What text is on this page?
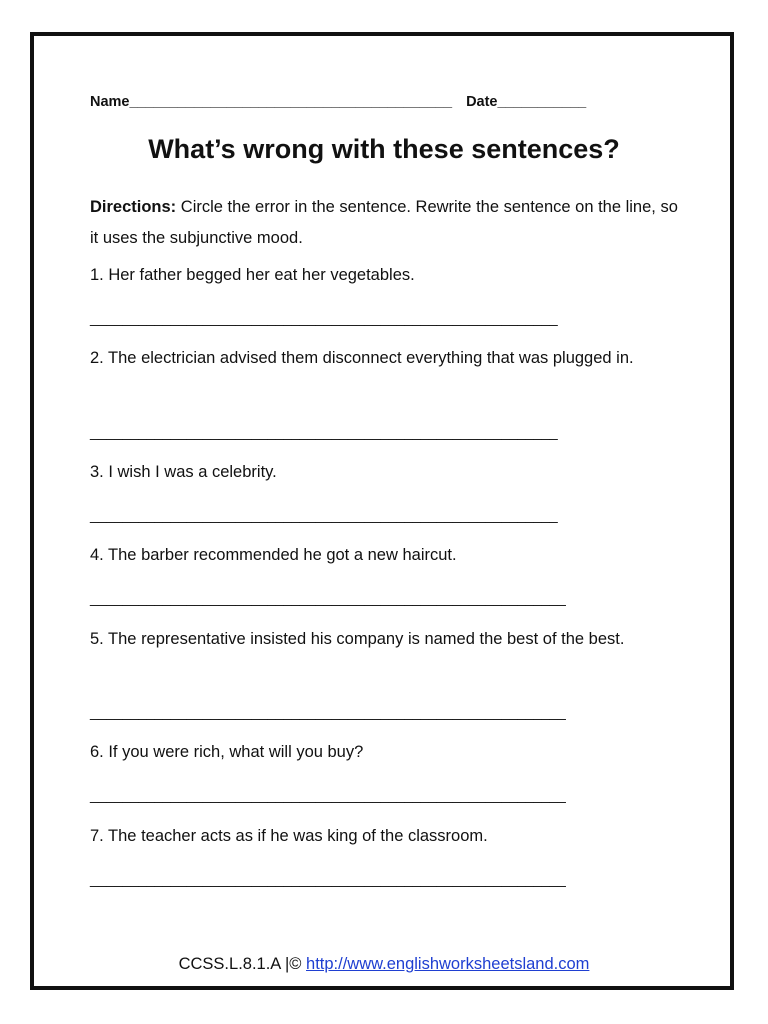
Name________________________________________ Date___________
What’s wrong with these sentences?
Directions: Circle the error in the sentence. Rewrite the sentence on the line, so it uses the subjunctive mood.
1. Her father begged her eat her vegetables.
__________________________________________________________
2. The electrician advised them disconnect everything that was plugged in.
__________________________________________________________
3. I wish I was a celebrity.
__________________________________________________________
4. The barber recommended he got a new haircut.
___________________________________________________________
5. The representative insisted his company is named the best of the best.
___________________________________________________________
6. If you were rich, what will you buy?
___________________________________________________________
7. The teacher acts as if he was king of the classroom.
___________________________________________________________
CCSS.L.8.1.A |© http://www.englishworksheetsland.com
